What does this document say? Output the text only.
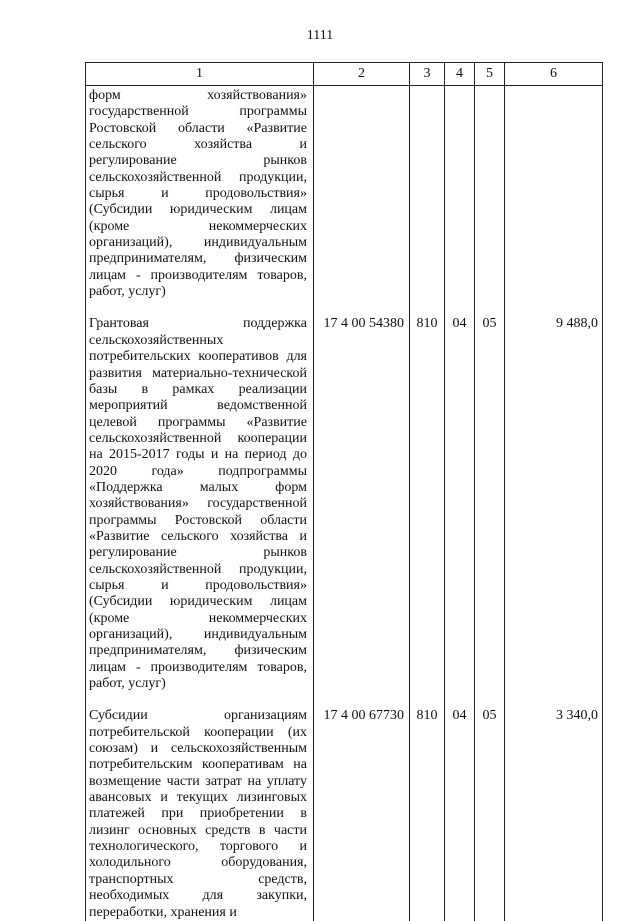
1111
1	2	3	4	5	6
форм хозяйствования» государственной программы Ростовской области «Развитие сельского хозяйства и регулирование рынков сельскохозяйственной продукции, сырья и продовольствия» (Субсидии юридическим лицам (кроме некоммерческих организаций), индивидуальным предпринимателям, физическим лицам - производителям товаров, работ, услуг)					
Грантовая поддержка сельскохозяйственных потребительских кооперативов для развития материально-технической базы в рамках реализации мероприятий ведомственной целевой программы «Развитие сельскохозяйственной кооперации на 2015-2017 годы и на период до 2020 года» подпрограммы «Поддержка малых форм хозяйствования» государственной программы Ростовской области «Развитие сельского хозяйства и регулирование рынков сельскохозяйственной продукции, сырья и продовольствия» (Субсидии юридическим лицам (кроме некоммерческих организаций), индивидуальным предпринимателям, физическим лицам - производителям товаров, работ, услуг)	17 4 00 54380	810	04	05	9 488,0
Субсидии организациям потребительской кооперации (их союзам) и сельскохозяйственным потребительским кооперативам на возмещение части затрат на уплату авансовых и текущих лизинговых платежей при приобретении в лизинг основных средств в части технологического, торгового и холодильного оборудования, транспортных средств, необходимых для закупки, переработки, хранения и	17 4 00 67730	810	04	05	3 340,0
